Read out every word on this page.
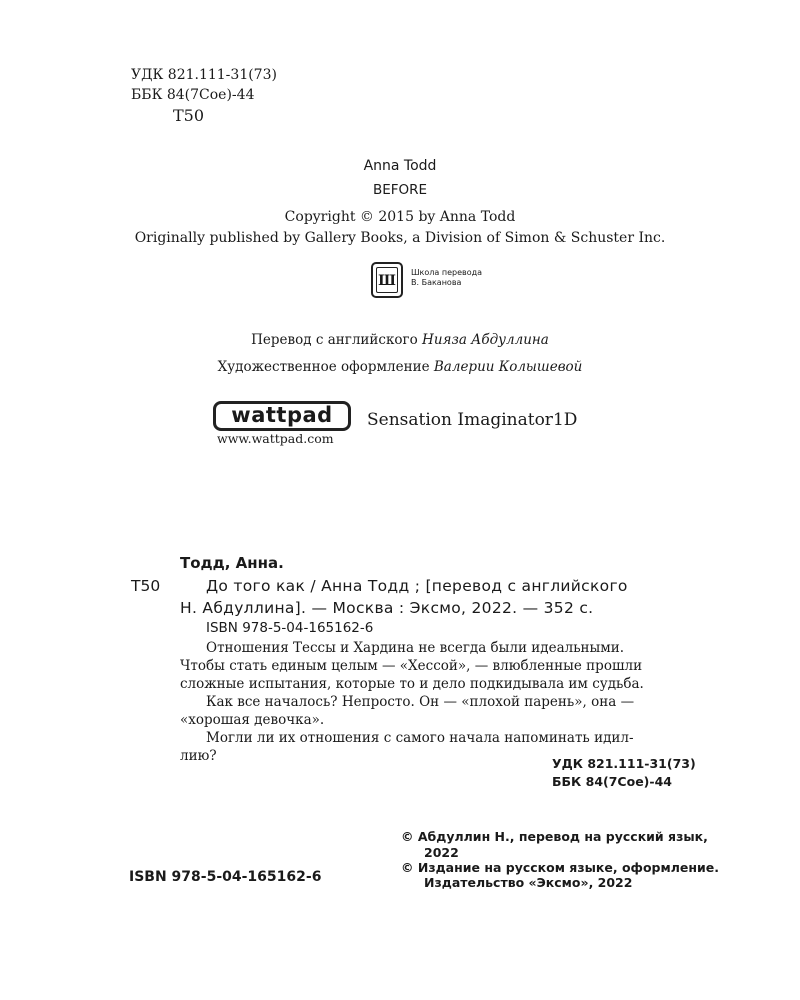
УДК 821.111-31(73)
ББК 84(7Сое)-44
Т50
Anna Todd
BEFORE
Copyright © 2015 by Anna Todd
Originally published by Gallery Books, a Division of Simon & Schuster Inc.
Ш
Школа перевода
В. Баканова
Перевод с английского Нияза Абдуллина
Художественное оформление Валерии Колышевой
wattpad
www.wattpad.com
Sensation Imaginator1D
Тодд, Анна.
Т50	До того как / Анна Тодд ; [перевод с английского
Н. Абдуллина]. — Москва : Эксмо, 2022. — 352 с.
ISBN 978-5-04-165162-6
Отношения Тессы и Хардина не всегда были идеальными.
Чтобы стать единым целым — «Хессой», — влюбленные прошли
сложные испытания, которые то и дело подкидывала им судьба.
Как все началось? Непросто. Он — «плохой парень», она —
«хорошая девочка».
Могли ли их отношения с самого начала напоминать идил-
лию?	УДК 821.111-31(73)
ББК 84(7Сое)-44
© Абдуллин Н., перевод на русский язык,
2022
© Издание на русском языке, оформление.
Издательство «Эксмо», 2022
ISBN 978-5-04-165162-6
